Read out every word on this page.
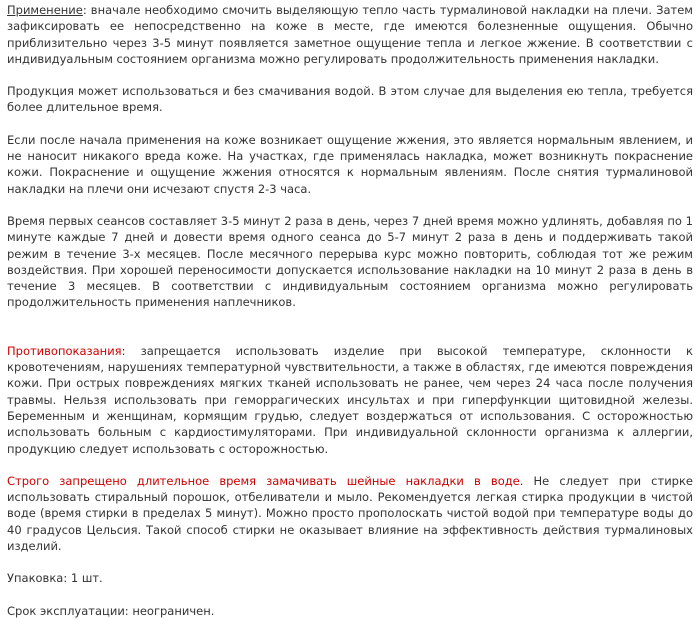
Применение: вначале необходимо смочить выделяющую тепло часть турмалиновой накладки на плечи. Затем зафиксировать ее непосредственно на коже в месте, где имеются болезненные ощущения. Обычно приблизительно через 3-5 минут появляется заметное ощущение тепла и легкое жжение. В соответствии с индивидуальным состоянием организма можно регулировать продолжительность применения накладки.

Продукция может использоваться и без смачивания водой. В этом случае для выделения ею тепла, требуется более длительное время.

Если после начала применения на коже возникает ощущение жжения, это является нормальным явлением, и не наносит никакого вреда коже. На участках, где применялась накладка, может возникнуть покраснение кожи. Покраснение и ощущение жжения относятся к нормальным явлениям. После снятия турмалиновой накладки на плечи они исчезают спустя 2-3 часа.

Время первых сеансов составляет 3-5 минут 2 раза в день, через 7 дней время можно удлинять, добавляя по 1 минуте каждые 7 дней и довести время одного сеанса до 5-7 минут 2 раза в день и поддерживать такой режим в течение 3-х месяцев. После месячного перерыва курс можно повторить, соблюдая тот же режим воздействия. При хорошей переносимости допускается использование накладки на 10 минут 2 раза в день в течение 3 месяцев. В соответствии с индивидуальным состоянием организма можно регулировать продолжительность применения наплечников.

Противопоказания: запрещается использовать изделие при высокой температуре, склонности к кровотечениям, нарушениях температурной чувствительности, а также в областях, где имеются повреждения кожи. При острых повреждениях мягких тканей использовать не ранее, чем через 24 часа после получения травмы. Нельзя использовать при геморрагических инсультах и при гиперфункции щитовидной железы. Беременным и женщинам, кормящим грудью, следует воздержаться от использования. С осторожностью использовать больным с кардиостимуляторами. При индивидуальной склонности организма к аллергии, продукцию следует использовать с осторожностью.

Строго запрещено длительное время замачивать шейные накладки в воде. Не следует при стирке использовать стиральный порошок, отбеливатели и мыло. Рекомендуется легкая стирка продукции в чистой воде (время стирки в пределах 5 минут). Можно просто прополоскать чистой водой при температуре воды до 40 градусов Цельсия. Такой способ стирки не оказывает влияние на эффективность действия турмалиновых изделий.

Упаковка: 1 шт.

Срок эксплуатации: неограничен.
